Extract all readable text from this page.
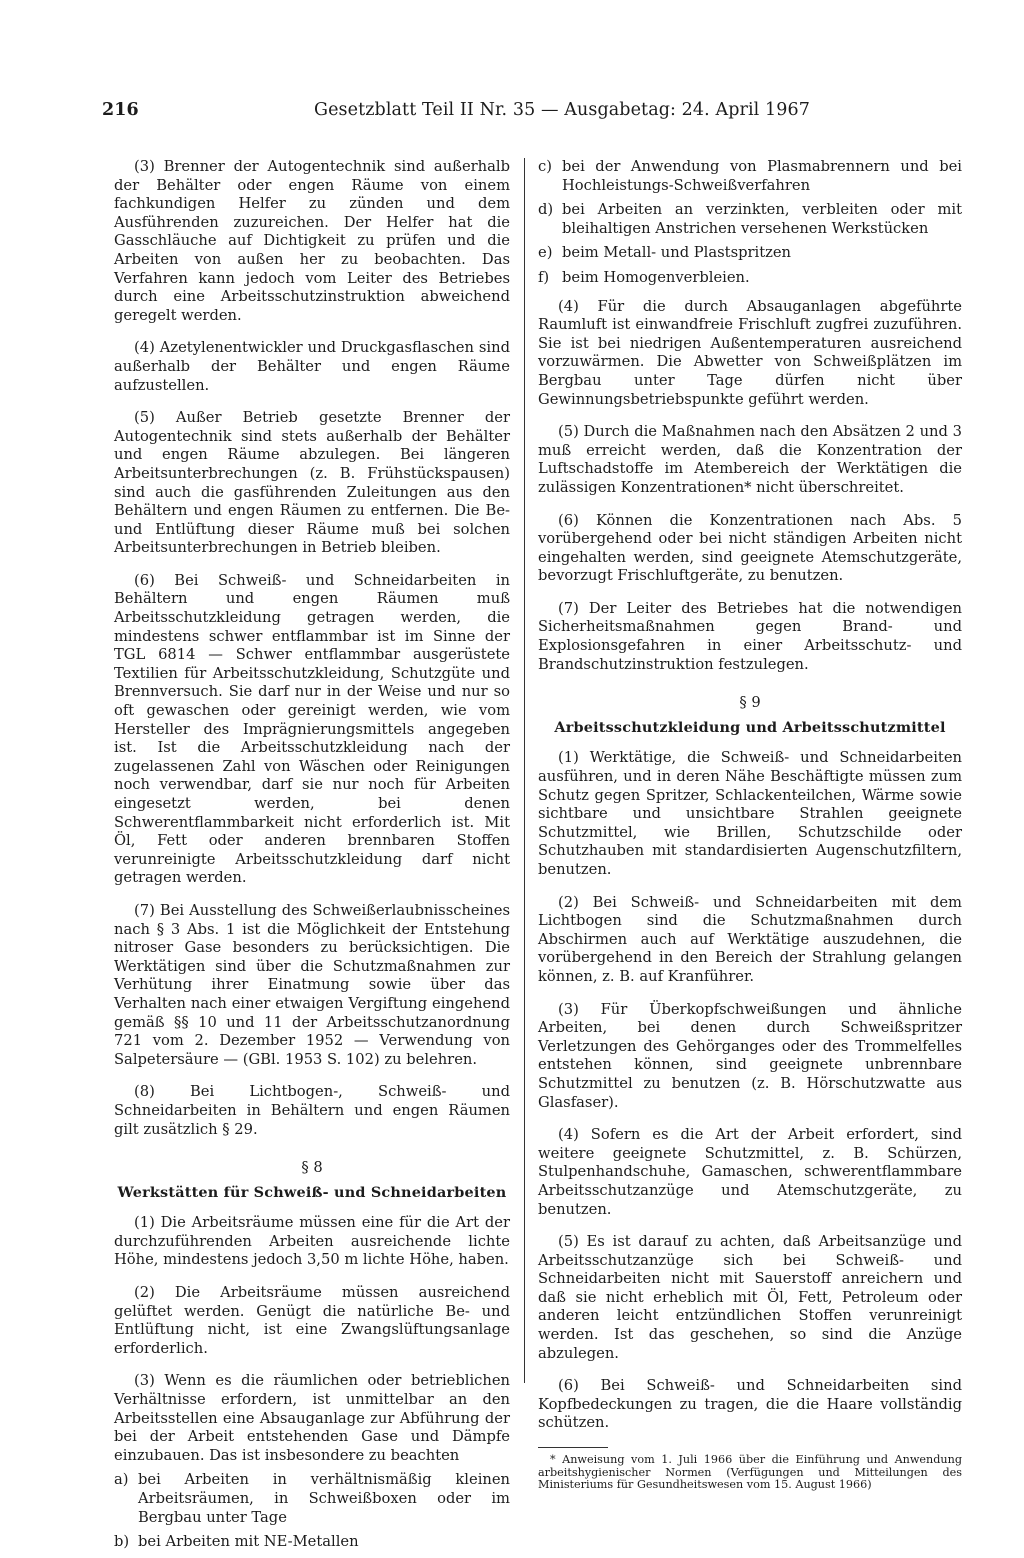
216	Gesetzblatt Teil II Nr. 35 — Ausgabetag: 24. April 1967

(3) Brenner der Autogentechnik sind außerhalb der Behälter oder engen Räume von einem fachkundigen Helfer zu zünden und dem Ausführenden zuzureichen. Der Helfer hat die Gasschläuche auf Dichtigkeit zu prüfen und die Arbeiten von außen her zu beobachten. Das Verfahren kann jedoch vom Leiter des Betriebes durch eine Arbeitsschutzinstruktion abweichend geregelt werden.

(4) Azetylenentwickler und Druckgasflaschen sind außerhalb der Behälter und engen Räume aufzustellen.

(5) Außer Betrieb gesetzte Brenner der Autogentechnik sind stets außerhalb der Behälter und engen Räume abzulegen. Bei längeren Arbeitsunterbrechungen (z. B. Frühstückspausen) sind auch die gasführenden Zuleitungen aus den Behältern und engen Räumen zu entfernen. Die Be- und Entlüftung dieser Räume muß bei solchen Arbeitsunterbrechungen in Betrieb bleiben.

(6) Bei Schweiß- und Schneidarbeiten in Behältern und engen Räumen muß Arbeitsschutzkleidung getragen werden, die mindestens schwer entflammbar ist im Sinne der TGL 6814 — Schwer entflammbar ausgerüstete Textilien für Arbeitsschutzkleidung, Schutzgüte und Brennversuch. Sie darf nur in der Weise und nur so oft gewaschen oder gereinigt werden, wie vom Hersteller des Imprägnierungsmittels angegeben ist. Ist die Arbeitsschutzkleidung nach der zugelassenen Zahl von Wäschen oder Reinigungen noch verwendbar, darf sie nur noch für Arbeiten eingesetzt werden, bei denen Schwerentflammbarkeit nicht erforderlich ist. Mit Öl, Fett oder anderen brennbaren Stoffen verunreinigte Arbeitsschutzkleidung darf nicht getragen werden.

(7) Bei Ausstellung des Schweißerlaubnisscheines nach § 3 Abs. 1 ist die Möglichkeit der Entstehung nitroser Gase besonders zu berücksichtigen. Die Werktätigen sind über die Schutzmaßnahmen zur Verhütung ihrer Einatmung sowie über das Verhalten nach einer etwaigen Vergiftung eingehend gemäß §§ 10 und 11 der Arbeitsschutzanordnung 721 vom 2. Dezember 1952 — Verwendung von Salpetersäure — (GBl. 1953 S. 102) zu belehren.

(8) Bei Lichtbogen-, Schweiß- und Schneidarbeiten in Behältern und engen Räumen gilt zusätzlich § 29.

§ 8
Werkstätten für Schweiß- und Schneidarbeiten

(1) Die Arbeitsräume müssen eine für die Art der durchzuführenden Arbeiten ausreichende lichte Höhe, mindestens jedoch 3,50 m lichte Höhe, haben.

(2) Die Arbeitsräume müssen ausreichend gelüftet werden. Genügt die natürliche Be- und Entlüftung nicht, ist eine Zwangslüftungsanlage erforderlich.

(3) Wenn es die räumlichen oder betrieblichen Verhältnisse erfordern, ist unmittelbar an den Arbeitsstellen eine Absauganlage zur Abführung der bei der Arbeit entstehenden Gase und Dämpfe einzubauen. Das ist insbesondere zu beachten

a) bei Arbeiten in verhältnismäßig kleinen Arbeitsräumen, in Schweißboxen oder im Bergbau unter Tage
b) bei Arbeiten mit NE-Metallen
c) bei der Anwendung von Plasmabrennern und bei Hochleistungs-Schweißverfahren
d) bei Arbeiten an verzinkten, verbleiten oder mit bleihaltigen Anstrichen versehenen Werkstücken
e) beim Metall- und Plastspritzen
f) beim Homogenverbleien.

(4) Für die durch Absauganlagen abgeführte Raumluft ist einwandfreie Frischluft zugfrei zuzuführen. Sie ist bei niedrigen Außentemperaturen ausreichend vorzuwärmen. Die Abwetter von Schweißplätzen im Bergbau unter Tage dürfen nicht über Gewinnungsbetriebspunkte geführt werden.

(5) Durch die Maßnahmen nach den Absätzen 2 und 3 muß erreicht werden, daß die Konzentration der Luftschadstoffe im Atembereich der Werktätigen die zulässigen Konzentrationen* nicht überschreitet.

(6) Können die Konzentrationen nach Abs. 5 vorübergehend oder bei nicht ständigen Arbeiten nicht eingehalten werden, sind geeignete Atemschutzgeräte, bevorzugt Frischluftgeräte, zu benutzen.

(7) Der Leiter des Betriebes hat die notwendigen Sicherheitsmaßnahmen gegen Brand- und Explosionsgefahren in einer Arbeitsschutz- und Brandschutzinstruktion festzulegen.

§ 9
Arbeitsschutzkleidung und Arbeitsschutzmittel

(1) Werktätige, die Schweiß- und Schneidarbeiten ausführen, und in deren Nähe Beschäftigte müssen zum Schutz gegen Spritzer, Schlackenteilchen, Wärme sowie sichtbare und unsichtbare Strahlen geeignete Schutzmittel, wie Brillen, Schutzschilde oder Schutzhauben mit standardisierten Augenschutzfiltern, benutzen.

(2) Bei Schweiß- und Schneidarbeiten mit dem Lichtbogen sind die Schutzmaßnahmen durch Abschirmen auch auf Werktätige auszudehnen, die vorübergehend in den Bereich der Strahlung gelangen können, z. B. auf Kranführer.

(3) Für Überkopfschweißungen und ähnliche Arbeiten, bei denen durch Schweißspritzer Verletzungen des Gehörganges oder des Trommelfelles entstehen können, sind geeignete unbrennbare Schutzmittel zu benutzen (z. B. Hörschutzwatte aus Glasfaser).

(4) Sofern es die Art der Arbeit erfordert, sind weitere geeignete Schutzmittel, z. B. Schürzen, Stulpenhandschuhe, Gamaschen, schwerentflammbare Arbeitsschutzanzüge und Atemschutzgeräte, zu benutzen.

(5) Es ist darauf zu achten, daß Arbeitsanzüge und Arbeitsschutzanzüge sich bei Schweiß- und Schneidarbeiten nicht mit Sauerstoff anreichern und daß sie nicht erheblich mit Öl, Fett, Petroleum oder anderen leicht entzündlichen Stoffen verunreinigt werden. Ist das geschehen, so sind die Anzüge abzulegen.

(6) Bei Schweiß- und Schneidarbeiten sind Kopfbedeckungen zu tragen, die die Haare vollständig schützen.

* Anweisung vom 1. Juli 1966 über die Einführung und Anwendung arbeitshygienischer Normen (Verfügungen und Mitteilungen des Ministeriums für Gesundheitswesen vom 15. August 1966)
